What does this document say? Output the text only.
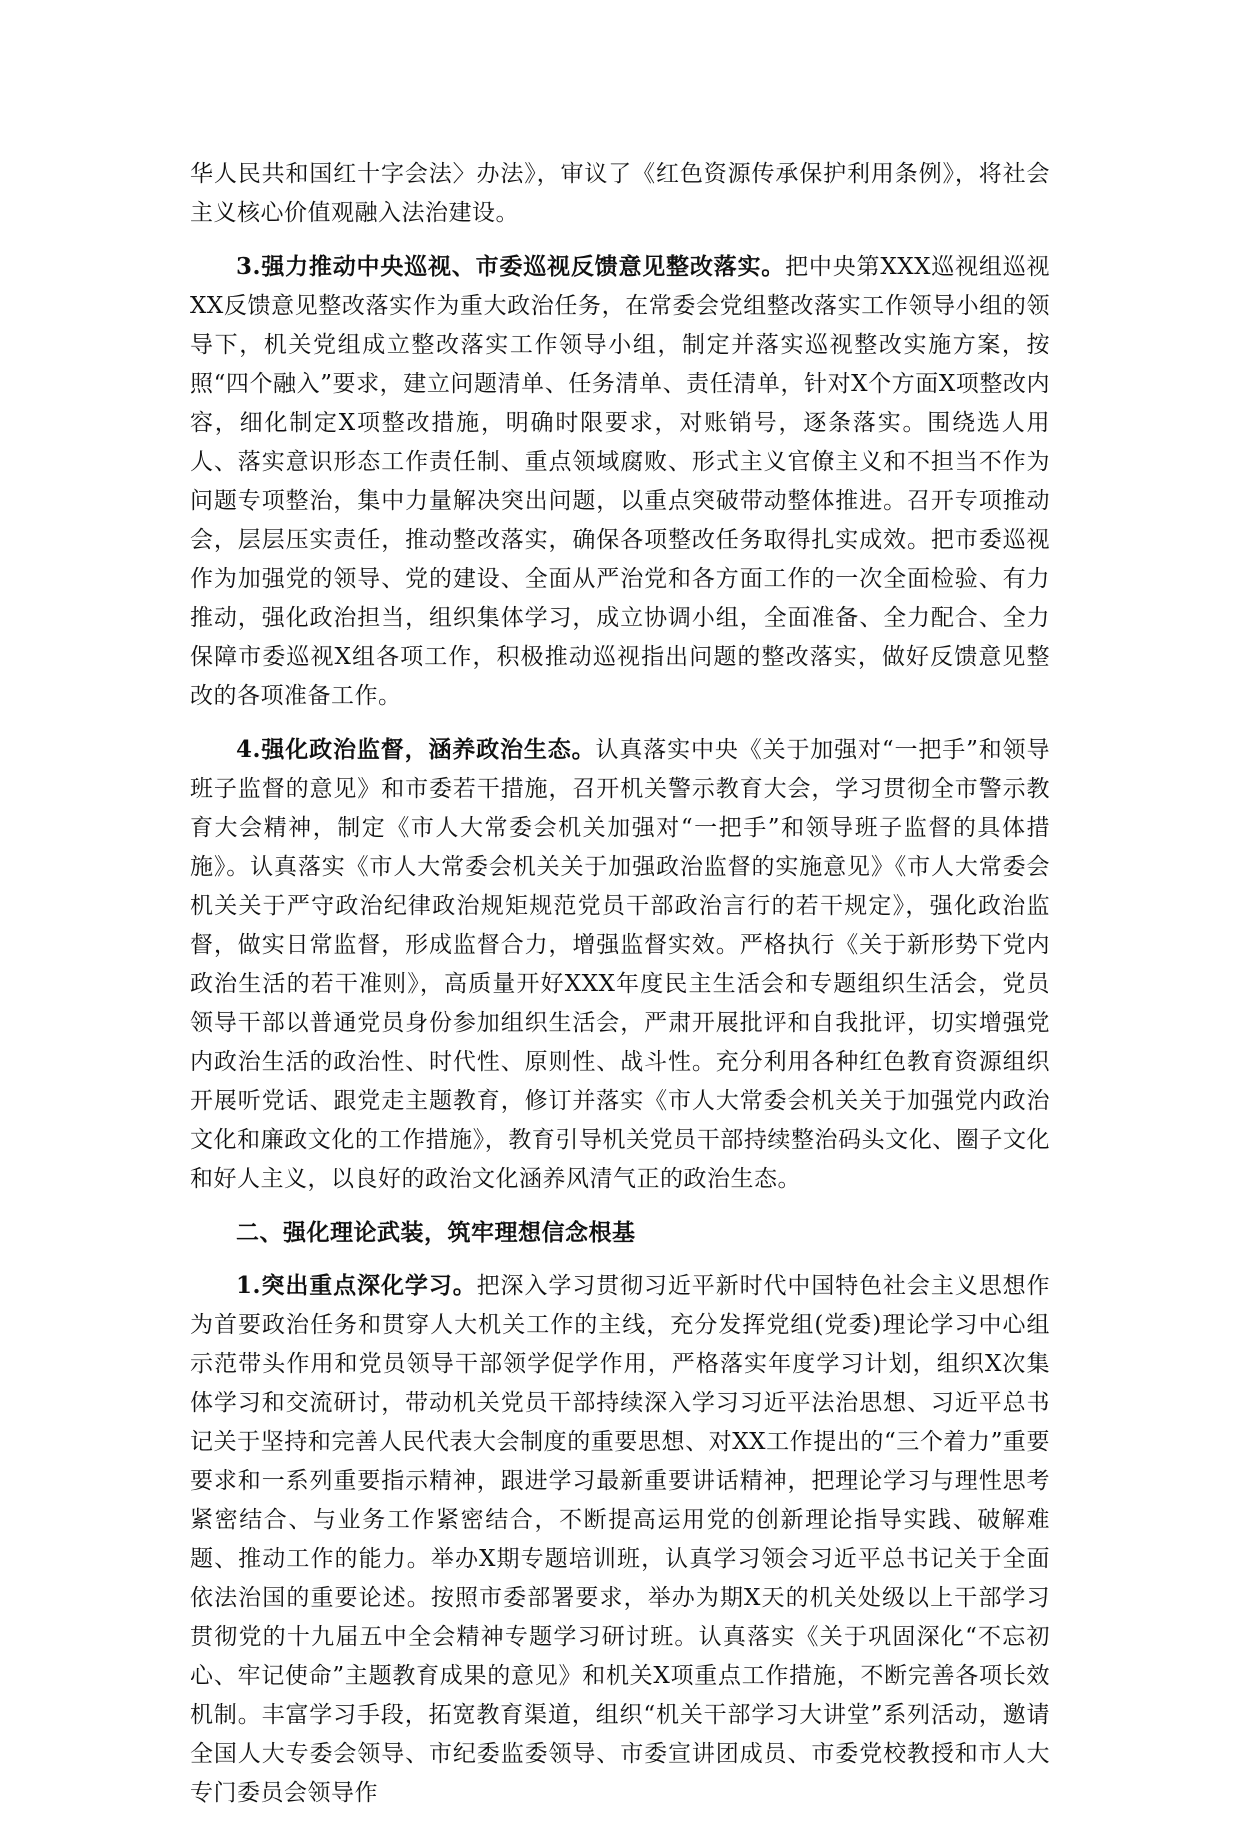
华人民共和国红十字会法〉办法》，审议了《红色资源传承保护利用条例》，将社会主义核心价值观融入法治建设。

3.强力推动中央巡视、市委巡视反馈意见整改落实。把中央第XXX巡视组巡视XX反馈意见整改落实作为重大政治任务，在常委会党组整改落实工作领导小组的领导下，机关党组成立整改落实工作领导小组，制定并落实巡视整改实施方案，按照“四个融入”要求，建立问题清单、任务清单、责任清单，针对X个方面X项整改内容，细化制定X项整改措施，明确时限要求，对账销号，逐条落实。围绕选人用人、落实意识形态工作责任制、重点领域腐败、形式主义官僚主义和不担当不作为问题专项整治，集中力量解决突出问题，以重点突破带动整体推进。召开专项推动会，层层压实责任，推动整改落实，确保各项整改任务取得扎实成效。把市委巡视作为加强党的领导、党的建设、全面从严治党和各方面工作的一次全面检验、有力推动，强化政治担当，组织集体学习，成立协调小组，全面准备、全力配合、全力保障市委巡视X组各项工作，积极推动巡视指出问题的整改落实，做好反馈意见整改的各项准备工作。

4.强化政治监督，涵养政治生态。认真落实中央《关于加强对“一把手”和领导班子监督的意见》和市委若干措施，召开机关警示教育大会，学习贯彻全市警示教育大会精神，制定《市人大常委会机关加强对“一把手”和领导班子监督的具体措施》。认真落实《市人大常委会机关关于加强政治监督的实施意见》《市人大常委会机关关于严守政治纪律政治规矩规范党员干部政治言行的若干规定》，强化政治监督，做实日常监督，形成监督合力，增强监督实效。严格执行《关于新形势下党内政治生活的若干准则》，高质量开好XXX年度民主生活会和专题组织生活会，党员领导干部以普通党员身份参加组织生活会，严肃开展批评和自我批评，切实增强党内政治生活的政治性、时代性、原则性、战斗性。充分利用各种红色教育资源组织开展听党话、跟党走主题教育，修订并落实《市人大常委会机关关于加强党内政治文化和廉政文化的工作措施》，教育引导机关党员干部持续整治码头文化、圈子文化和好人主义，以良好的政治文化涵养风清气正的政治生态。

二、强化理论武装，筑牢理想信念根基

1.突出重点深化学习。把深入学习贯彻习近平新时代中国特色社会主义思想作为首要政治任务和贯穿人大机关工作的主线，充分发挥党组(党委)理论学习中心组示范带头作用和党员领导干部领学促学作用，严格落实年度学习计划，组织X次集体学习和交流研讨，带动机关党员干部持续深入学习习近平法治思想、习近平总书记关于坚持和完善人民代表大会制度的重要思想、对XX工作提出的“三个着力”重要要求和一系列重要指示精神，跟进学习最新重要讲话精神，把理论学习与理性思考紧密结合、与业务工作紧密结合，不断提高运用党的创新理论指导实践、破解难题、推动工作的能力。举办X期专题培训班，认真学习领会习近平总书记关于全面依法治国的重要论述。按照市委部署要求，举办为期X天的机关处级以上干部学习贯彻党的十九届五中全会精神专题学习研讨班。认真落实《关于巩固深化“不忘初心、牢记使命”主题教育成果的意见》和机关X项重点工作措施，不断完善各项长效机制。丰富学习手段，拓宽教育渠道，组织“机关干部学习大讲堂”系列活动，邀请全国人大专委会领导、市纪委监委领导、市委宣讲团成员、市委党校教授和市人大专门委员会领导作
